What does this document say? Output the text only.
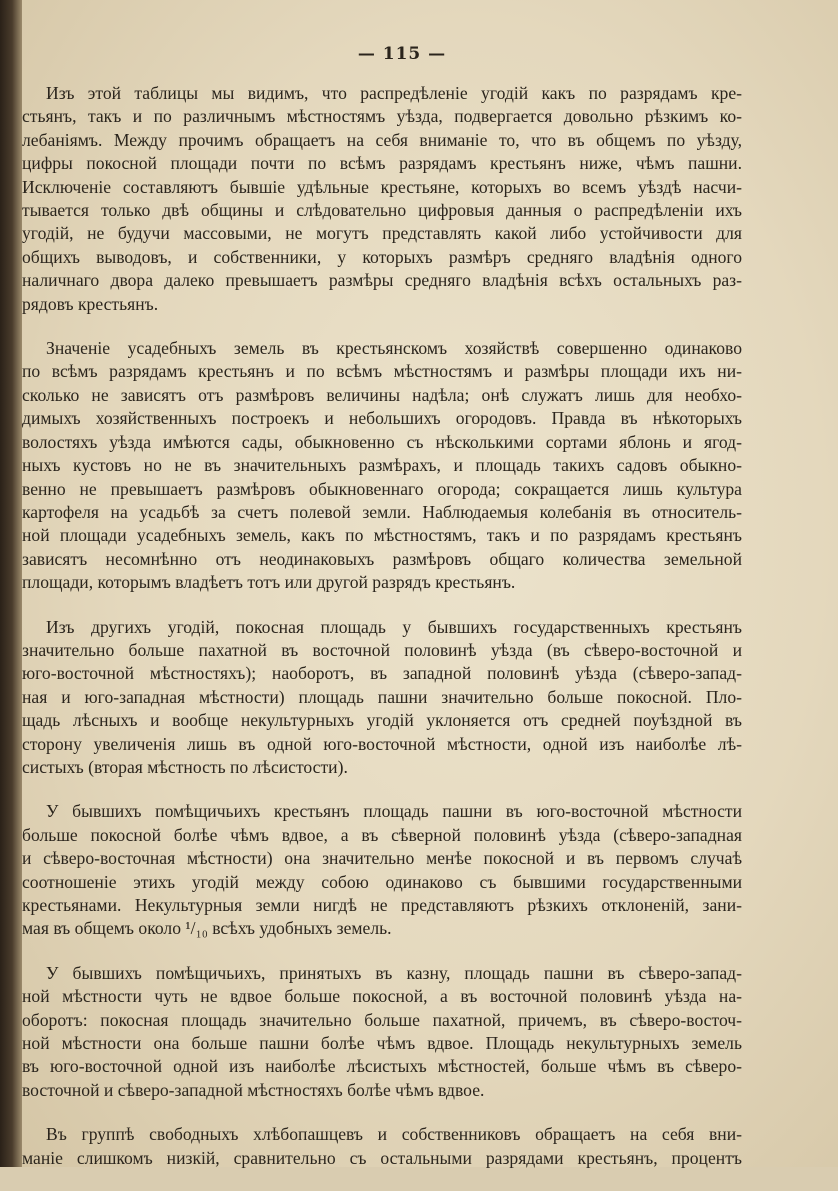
— 115 —
Изъ этой таблицы мы видимъ, что распредѣленіе угодій какъ по разрядамъ кре-
стьянъ, такъ и по различнымъ мѣстностямъ уѣзда, подвергается довольно рѣзкимъ ко-
лебаніямъ. Между прочимъ обращаетъ на себя вниманіе то, что въ общемъ по уѣзду,
цифры покосной площади почти по всѣмъ разрядамъ крестьянъ ниже, чѣмъ пашни.
Исключеніе составляютъ бывшіе удѣльные крестьяне, которыхъ во всемъ уѣздѣ насчи-
тывается только двѣ общины и слѣдовательно цифровыя данныя о распредѣленіи ихъ
угодій, не будучи массовыми, не могутъ представлять какой либо устойчивости для
общихъ выводовъ, и собственники, у которыхъ размѣръ средняго владѣнія одного
наличнаго двора далеко превышаетъ размѣры средняго владѣнія всѣхъ остальныхъ раз-
рядовъ крестьянъ.
Значеніе усадебныхъ земель въ крестьянскомъ хозяйствѣ совершенно одинаково
по всѣмъ разрядамъ крестьянъ и по всѣмъ мѣстностямъ и размѣры площади ихъ ни-
сколько не зависятъ отъ размѣровъ величины надѣла; онѣ служатъ лишь для необхо-
димыхъ хозяйственныхъ построекъ и небольшихъ огородовъ. Правда въ нѣкоторыхъ
волостяхъ уѣзда имѣются сады, обыкновенно съ нѣсколькими сортами яблонь и ягод-
ныхъ кустовъ но не въ значительныхъ размѣрахъ, и площадь такихъ садовъ обыкно-
венно не превышаетъ размѣровъ обыкновеннаго огорода; сокращается лишь культура
картофеля на усадьбѣ за счетъ полевой земли. Наблюдаемыя колебанія въ относитель-
ной площади усадебныхъ земель, какъ по мѣстностямъ, такъ и по разрядамъ крестьянъ
зависятъ несомнѣнно отъ неодинаковыхъ размѣровъ общаго количества земельной
площади, которымъ владѣетъ тотъ или другой разрядъ крестьянъ.
Изъ другихъ угодій, покосная площадь у бывшихъ государственныхъ крестьянъ
значительно больше пахатной въ восточной половинѣ уѣзда (въ сѣверо-восточной и
юго-восточной мѣстностяхъ); наоборотъ, въ западной половинѣ уѣзда (сѣверо-запад-
ная и юго-западная мѣстности) площадь пашни значительно больше покосной. Пло-
щадь лѣсныхъ и вообще некультурныхъ угодій уклоняется отъ средней поуѣздной въ
сторону увеличенія лишь въ одной юго-восточной мѣстности, одной изъ наиболѣе лѣ-
систыхъ (вторая мѣстность по лѣсистости).
У бывшихъ помѣщичьихъ крестьянъ площадь пашни въ юго-восточной мѣстности
больше покосной болѣе чѣмъ вдвое, а въ сѣверной половинѣ уѣзда (сѣверо-западная
и сѣверо-восточная мѣстности) она значительно менѣе покосной и въ первомъ случаѣ
соотношеніе этихъ угодій между собою одинаково съ бывшими государственными
крестьянами. Некультурныя земли нигдѣ не представляютъ рѣзкихъ отклоненій, зани-
мая въ общемъ около ¹/₁₀ всѣхъ удобныхъ земель.
У бывшихъ помѣщичьихъ, принятыхъ въ казну, площадь пашни въ сѣверо-запад-
ной мѣстности чуть не вдвое больше покосной, а въ восточной половинѣ уѣзда на-
оборотъ: покосная площадь значительно больше пахатной, причемъ, въ сѣверо-восточ-
ной мѣстности она больше пашни болѣе чѣмъ вдвое. Площадь некультурныхъ земель
въ юго-восточной одной изъ наиболѣе лѣсистыхъ мѣстностей, больше чѣмъ въ сѣверо-
восточной и сѣверо-западной мѣстностяхъ болѣе чѣмъ вдвое.
Въ группѣ свободныхъ хлѣбопашцевъ и собственниковъ обращаетъ на себя вни-
маніе слишкомъ низкій, сравнительно съ остальными разрядами крестьянъ, процентъ
